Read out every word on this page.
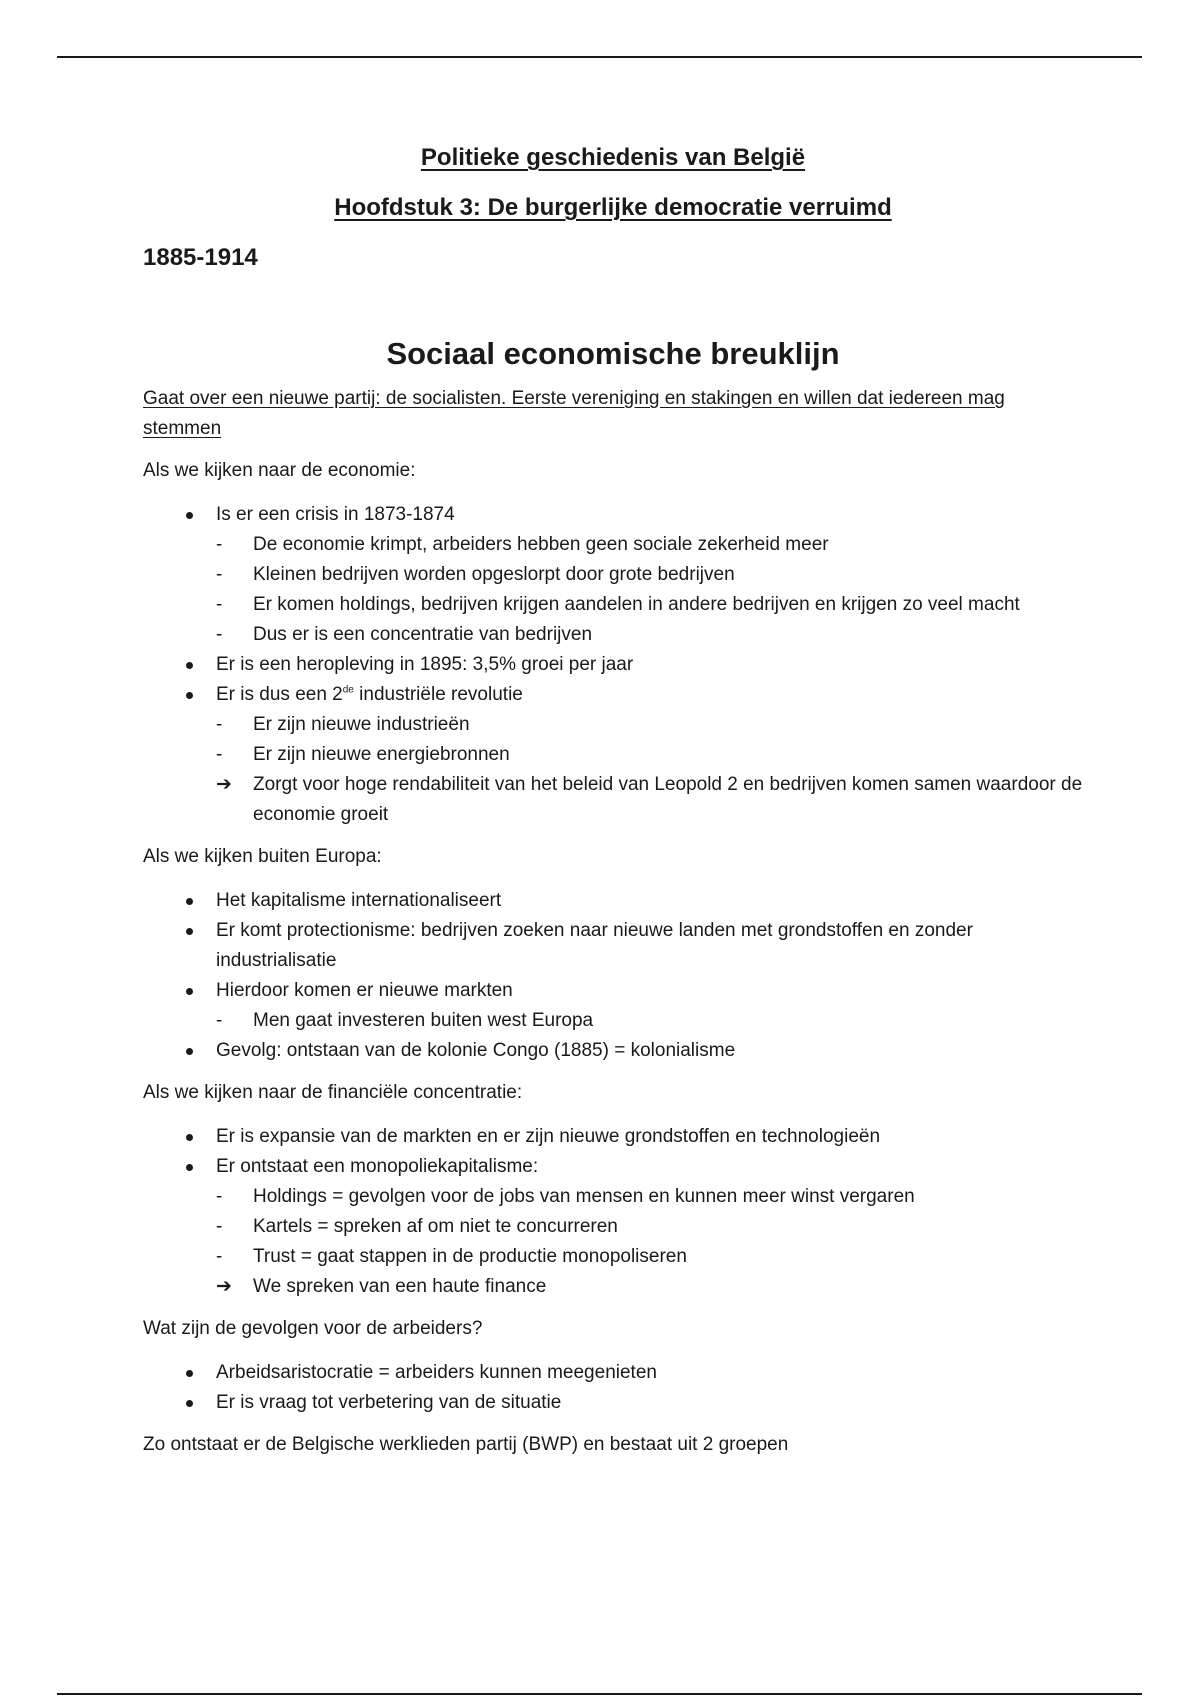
Politieke geschiedenis van België

Hoofdstuk 3: De burgerlijke democratie verruimd

1885-1914

Sociaal economische breuklijn

Gaat over een nieuwe partij: de socialisten. Eerste vereniging en stakingen en willen dat iedereen mag stemmen

Als we kijken naar de economie:

Is er een crisis in 1873-1874
-	De economie krimpt, arbeiders hebben geen sociale zekerheid meer
-	Kleinen bedrijven worden opgeslorpt door grote bedrijven
-	Er komen holdings, bedrijven krijgen aandelen in andere bedrijven en krijgen zo veel macht
-	Dus er is een concentratie van bedrijven
Er is een heropleving in 1895: 3,5% groei per jaar
Er is dus een 2de industriële revolutie
-	Er zijn nieuwe industrieën
-	Er zijn nieuwe energiebronnen
➔	Zorgt voor hoge rendabiliteit van het beleid van Leopold 2 en bedrijven komen samen waardoor de economie groeit

Als we kijken buiten Europa:

Het kapitalisme internationaliseert
Er komt protectionisme: bedrijven zoeken naar nieuwe landen met grondstoffen en zonder industrialisatie
Hierdoor komen er nieuwe markten
-	Men gaat investeren buiten west Europa
Gevolg: ontstaan van de kolonie Congo (1885) = kolonialisme

Als we kijken naar de financiële concentratie:

Er is expansie van de markten en er zijn nieuwe grondstoffen en technologieën
Er ontstaat een monopoliekapitalisme:
-	Holdings = gevolgen voor de jobs van mensen en kunnen meer winst vergaren
-	Kartels = spreken af om niet te concurreren
-	Trust = gaat stappen in de productie monopoliseren
➔	We spreken van een haute finance

Wat zijn de gevolgen voor de arbeiders?

Arbeidsaristocratie = arbeiders kunnen meegenieten
Er is vraag tot verbetering van de situatie

Zo ontstaat er de Belgische werklieden partij (BWP) en bestaat uit 2 groepen
